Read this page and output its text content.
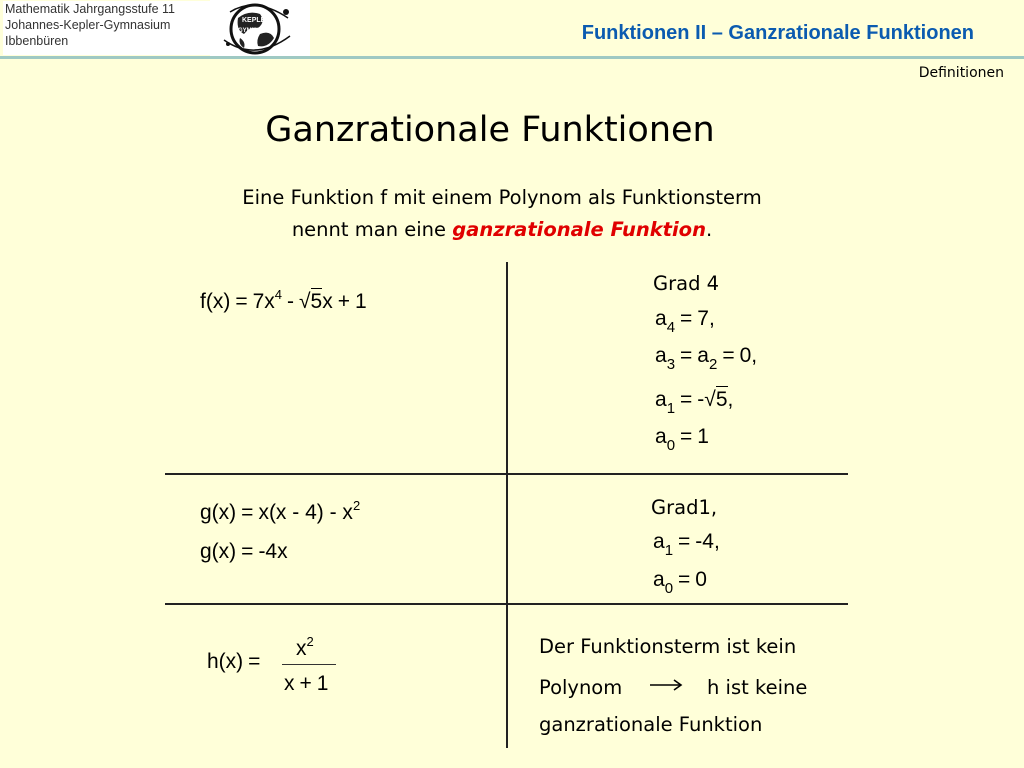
Mathematik Jahrgangsstufe 11
Johannes-Kepler-Gymnasium
Ibbenbüren
KEPLER
GYMNASIUM	Funktionen II – Ganzrationale Funktionen
Definitionen
Ganzrationale Funktionen
Eine Funktion f mit einem Polynom als Funktionsterm
nennt man eine ganzrationale Funktion.
$f(x) = 7x^4 - √5x + 1$
Grad 4
$a_4 = 7$,
$a_3 = a_2 = 0$,
$a_1 = -√5$,
$a_0 = 1$
$g(x) = x(x - 4) - x^2$
g(x) = -4x
Grad1,
$a_1 = -4$,
$a_0 = 0$
h(x) =
$x^2$
x + 1
Der Funktionsterm ist kein
Polynom	h ist keine
ganzrationale Funktion
